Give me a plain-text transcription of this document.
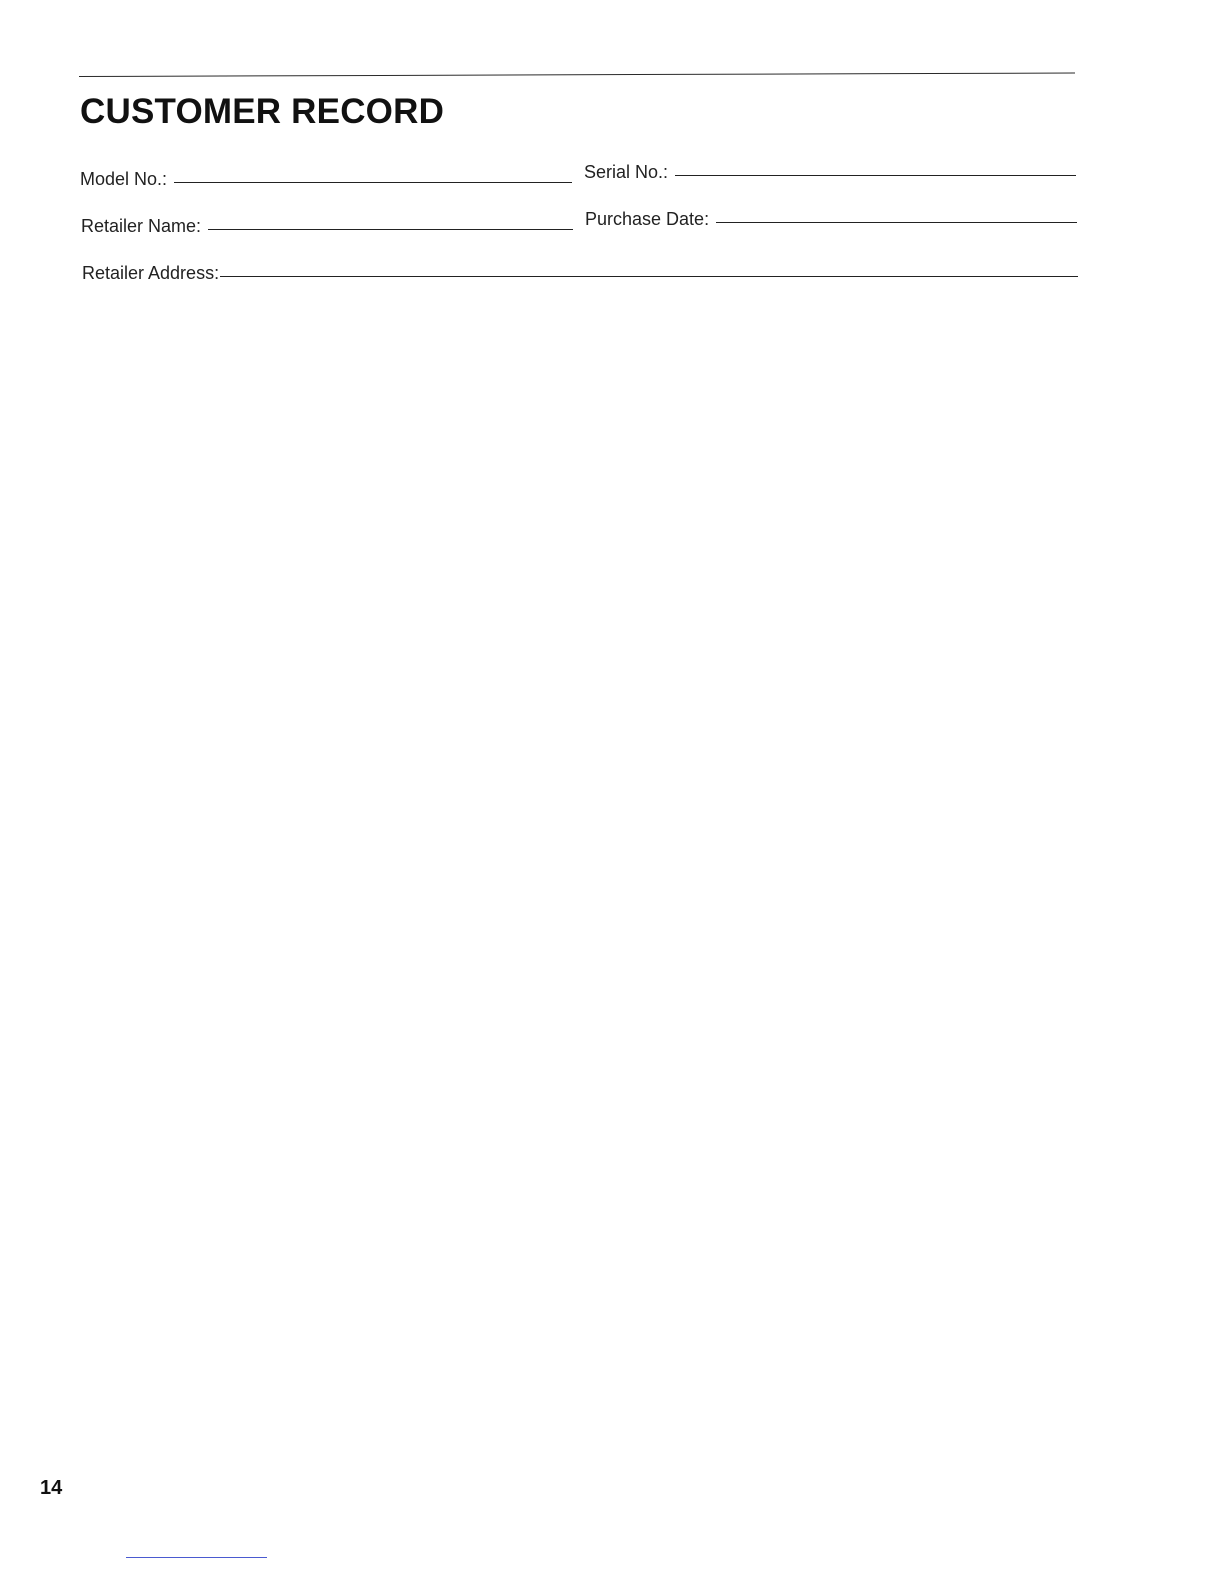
CUSTOMER RECORD
Model No.:	Serial No.:
Retailer Name:	Purchase Date:
Retailer Address:
14
